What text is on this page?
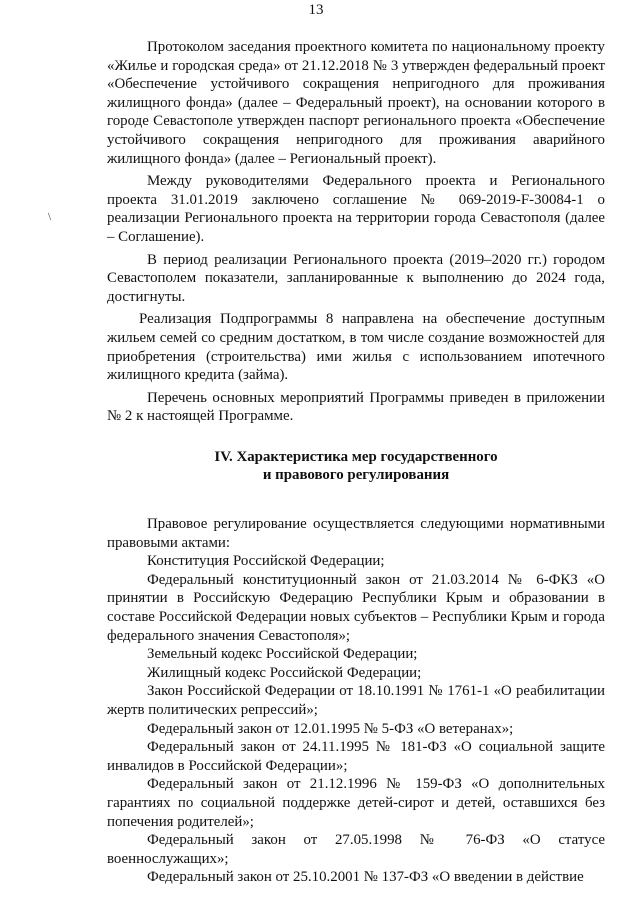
13
\

Протоколом заседания проектного комитета по национальному проекту «Жилье и городская среда» от 21.12.2018 № 3 утвержден федеральный проект «Обеспечение устойчивого сокращения непригодного для проживания жилищного фонда» (далее – Федеральный проект), на основании которого в городе Севастополе утвержден паспорт регионального проекта «Обеспечение устойчивого сокращения непригодного для проживания аварийного жилищного фонда» (далее – Региональный проект).

Между руководителями Федерального проекта и Регионального проекта 31.01.2019 заключено соглашение № 069-2019-F-30084-1 о реализации Регионального проекта на территории города Севастополя (далее – Соглашение).

В период реализации Регионального проекта (2019–2020 гг.) городом Севастополем показатели, запланированные к выполнению до 2024 года, достигнуты.

Реализация Подпрограммы 8 направлена на обеспечение доступным жильем семей со средним достатком, в том числе создание возможностей для приобретения (строительства) ими жилья с использованием ипотечного жилищного кредита (займа).

Перечень основных мероприятий Программы приведен в приложении № 2 к настоящей Программе.

IV. Характеристика мер государственного
и правового регулирования

Правовое регулирование осуществляется следующими нормативными правовыми актами:

Конституция Российской Федерации;

Федеральный конституционный закон от 21.03.2014 № 6-ФКЗ «О принятии в Российскую Федерацию Республики Крым и образовании в составе Российской Федерации новых субъектов – Республики Крым и города федерального значения Севастополя»;

Земельный кодекс Российской Федерации;

Жилищный кодекс Российской Федерации;

Закон Российской Федерации от 18.10.1991 № 1761-1 «О реабилитации жертв политических репрессий»;

Федеральный закон от 12.01.1995 № 5-ФЗ «О ветеранах»;

Федеральный закон от 24.11.1995 № 181-ФЗ «О социальной защите инвалидов в Российской Федерации»;

Федеральный закон от 21.12.1996 № 159-ФЗ «О дополнительных гарантиях по социальной поддержке детей-сирот и детей, оставшихся без попечения родителей»;

Федеральный закон от 27.05.1998 № 76-ФЗ «О статусе военнослужащих»;

Федеральный закон от 25.10.2001 № 137-ФЗ «О введении в действие
